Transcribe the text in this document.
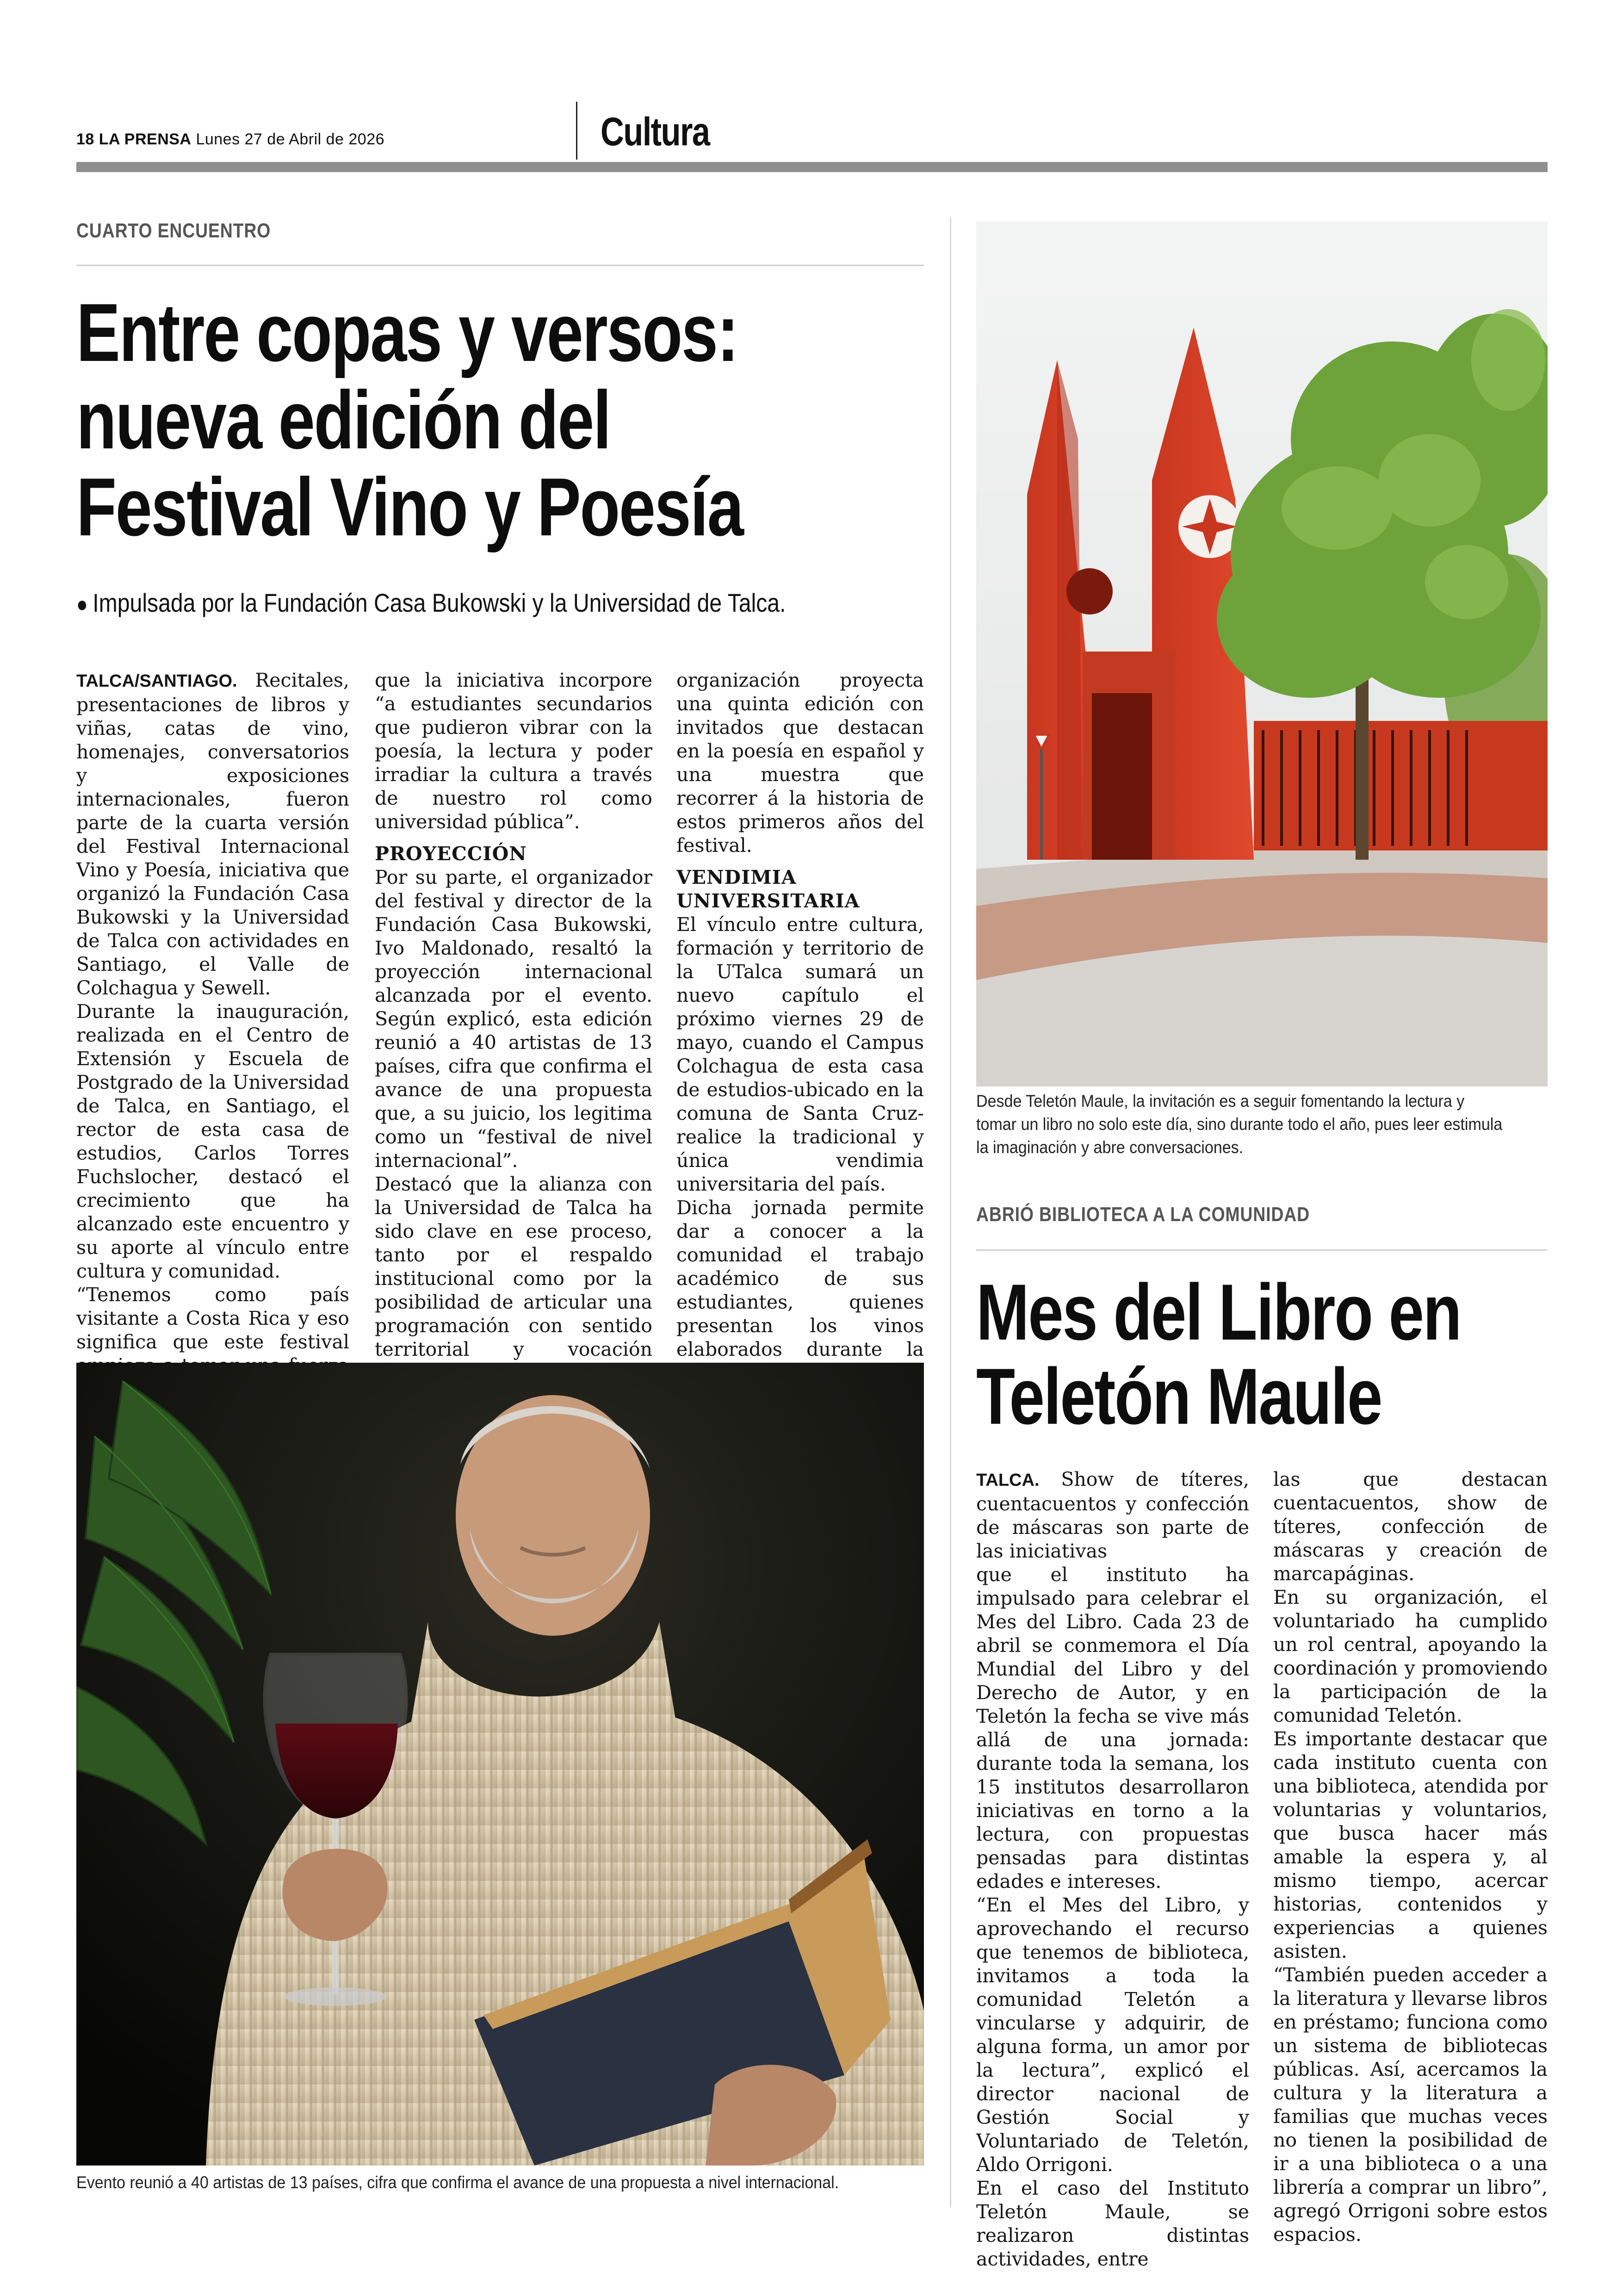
18 LA PRENSA Lunes 27 de Abril de 2026	Cultura
CUARTO ENCUENTRO
Entre copas y versos:
nueva edición del
Festival Vino y Poesía
● Impulsada por la Fundación Casa Bukowski y la Universidad de Talca.

TALCA/SANTIAGO. Recitales, presentaciones de libros y viñas, catas de vino, homenajes, conversatorios y exposiciones internacionales, fueron parte de la cuarta versión del Festival Internacional Vino y Poesía, iniciativa que organizó la Fundación Casa Bukowski y la Universidad de Talca con actividades en Santiago, el Valle de Colchagua y Sewell.

Durante la inauguración, realizada en el Centro de Extensión y Escuela de Postgrado de la Universidad de Talca, en Santiago, el rector de esta casa de estudios, Carlos Torres Fuchslocher, destacó el crecimiento que ha alcanzado este encuentro y su aporte al vínculo entre cultura y comunidad.

“Tenemos como país visitante a Costa Rica y eso significa que este festival

que la iniciativa incorpore “a estudiantes secundarios que pudieron vibrar con la poesía, la lectura y poder irradiar la cultura a través de nuestro rol como universidad pública”.

PROYECCIÓN

Por su parte, el organizador del festival y director de la Fundación Casa Bukowski, Ivo Maldonado, resaltó la proyección internacional alcanzada por el evento. Según explicó, esta edición reunió a 40 artistas de 13 países, cifra que confirma el avance de una propuesta que, a su juicio, los legitima como un “festival de nivel internacional”.

Destacó que la alianza con la Universidad de Talca ha sido clave en ese proceso, tanto por el respaldo institucional como por la posibilidad de articular una programación con sentido territorial y vocación

organización proyecta una quinta edición con invitados que destacan en la poesía en español y una muestra que recorrer á la historia de estos primeros años del festival.

VENDIMIA UNIVERSITARIA

El vínculo entre cultura, formación y territorio de la UTalca sumará un nuevo capítulo el próximo viernes 29 de mayo, cuando el Campus Colchagua de esta casa de estudios-ubicado en la comuna de Santa Cruz- realice la tradicional y única vendimia universitaria del país.

Dicha jornada permite dar a conocer a la comunidad el trabajo académico de sus estudiantes, quienes presentan los vinos elaborados durante la

Evento reunió a 40 artistas de 13 países, cifra que confirma el avance de una propuesta a nivel internacional.
Desde Teletón Maule, la invitación es a seguir fomentando la lectura y tomar un libro no solo este día, sino durante todo el año, pues leer estimula la imaginación y abre conversaciones.
ABRIÓ BIBLIOTECA A LA COMUNIDAD
Mes del Libro en
Teletón Maule

TALCA. Show de títeres, cuentacuentos y confección de máscaras son parte de las iniciativas

que el instituto ha impulsado para celebrar el Mes del Libro. Cada 23 de abril se conmemora el Día Mundial del Libro y del Derecho de Autor, y en Teletón la fecha se vive más allá de una jornada: durante toda la semana, los 15 institutos desarrollaron iniciativas en torno a la lectura, con propuestas pensadas para distintas edades e intereses.

“En el Mes del Libro, y aprovechando el recurso que tenemos de biblioteca, invitamos a toda la comunidad Teletón a vincularse y adquirir, de alguna forma, un amor por la lectura”, explicó el director nacional de Gestión Social y Voluntariado de Teletón, Aldo Orrigoni.

En el caso del Instituto Teletón Maule, se realizaron distintas actividades, entre

las que destacan cuentacuentos, show de títeres, confección de máscaras y creación de marcapáginas.

En su organización, el voluntariado ha cumplido un rol central, apoyando la coordinación y promoviendo la participación de la comunidad Teletón.

Es importante destacar que cada instituto cuenta con una biblioteca, atendida por voluntarias y voluntarios, que busca hacer más amable la espera y, al mismo tiempo, acercar historias, contenidos y experiencias a quienes asisten.

“También pueden acceder a la literatura y llevarse libros en préstamo; funciona como un sistema de bibliotecas públicas. Así, acercamos la cultura y la literatura a familias que muchas veces no tienen la posibilidad de ir a una biblioteca o a una librería a comprar un libro”, agregó Orrigoni sobre estos espacios.
